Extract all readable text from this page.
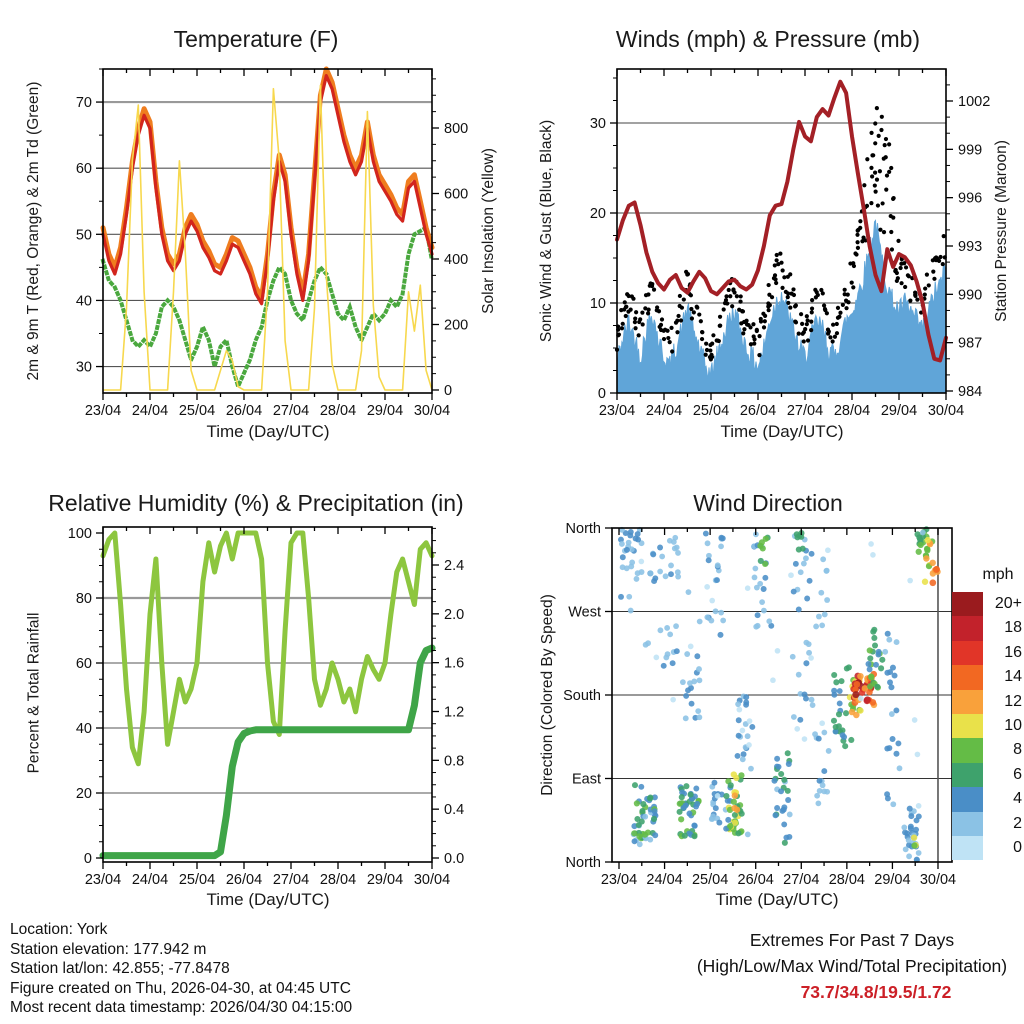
23/04 24/04 25/04 26/04 27/04 28/04 29/04 30/04
30
40
50
60
70
0
200
400
600
800
23/04 24/04 25/04 26/04 27/04 28/04 29/04 30/04
0
10
20
30
984
987
990
993
996
999
1002
23/04 24/04 25/04 26/04 27/04 28/04 29/04 30/04
0
20
40
60
80
100
0.0
0.4
0.8
1.2
1.6
2.0
2.4
23/04 24/04 25/04 26/04 27/04 28/04 29/04 30/04
North
West
South
East
North
Temperature (F)	Winds (mph) & Pressure (mb)
Relative Humidity (%) & Precipitation (in)	Wind Direction
Time (Day/UTC)	Time (Day/UTC)
Time (Day/UTC)	Time (Day/UTC)
2m & 9m T (Red, Orange) & 2m Td (Green)	Solar Insolation (Yellow)	Sonic Wind & Gust (Blue, Black)	Station Pressure (Maroon)
Percent & Total Rainfall	Direction (Colored By Speed)
mph
Location: York
Station elevation: 177.942 m
Station lat/lon: 42.855; -77.8478
Figure created on Thu, 2026-04-30, at 04:45 UTC
Most recent data timestamp: 2026/04/30 04:15:00
Extremes For Past 7 Days
(High/Low/Max Wind/Total Precipitation)
73.7/34.8/19.5/1.72
20+
18
16
14
12
10
8
6
4
2
0
